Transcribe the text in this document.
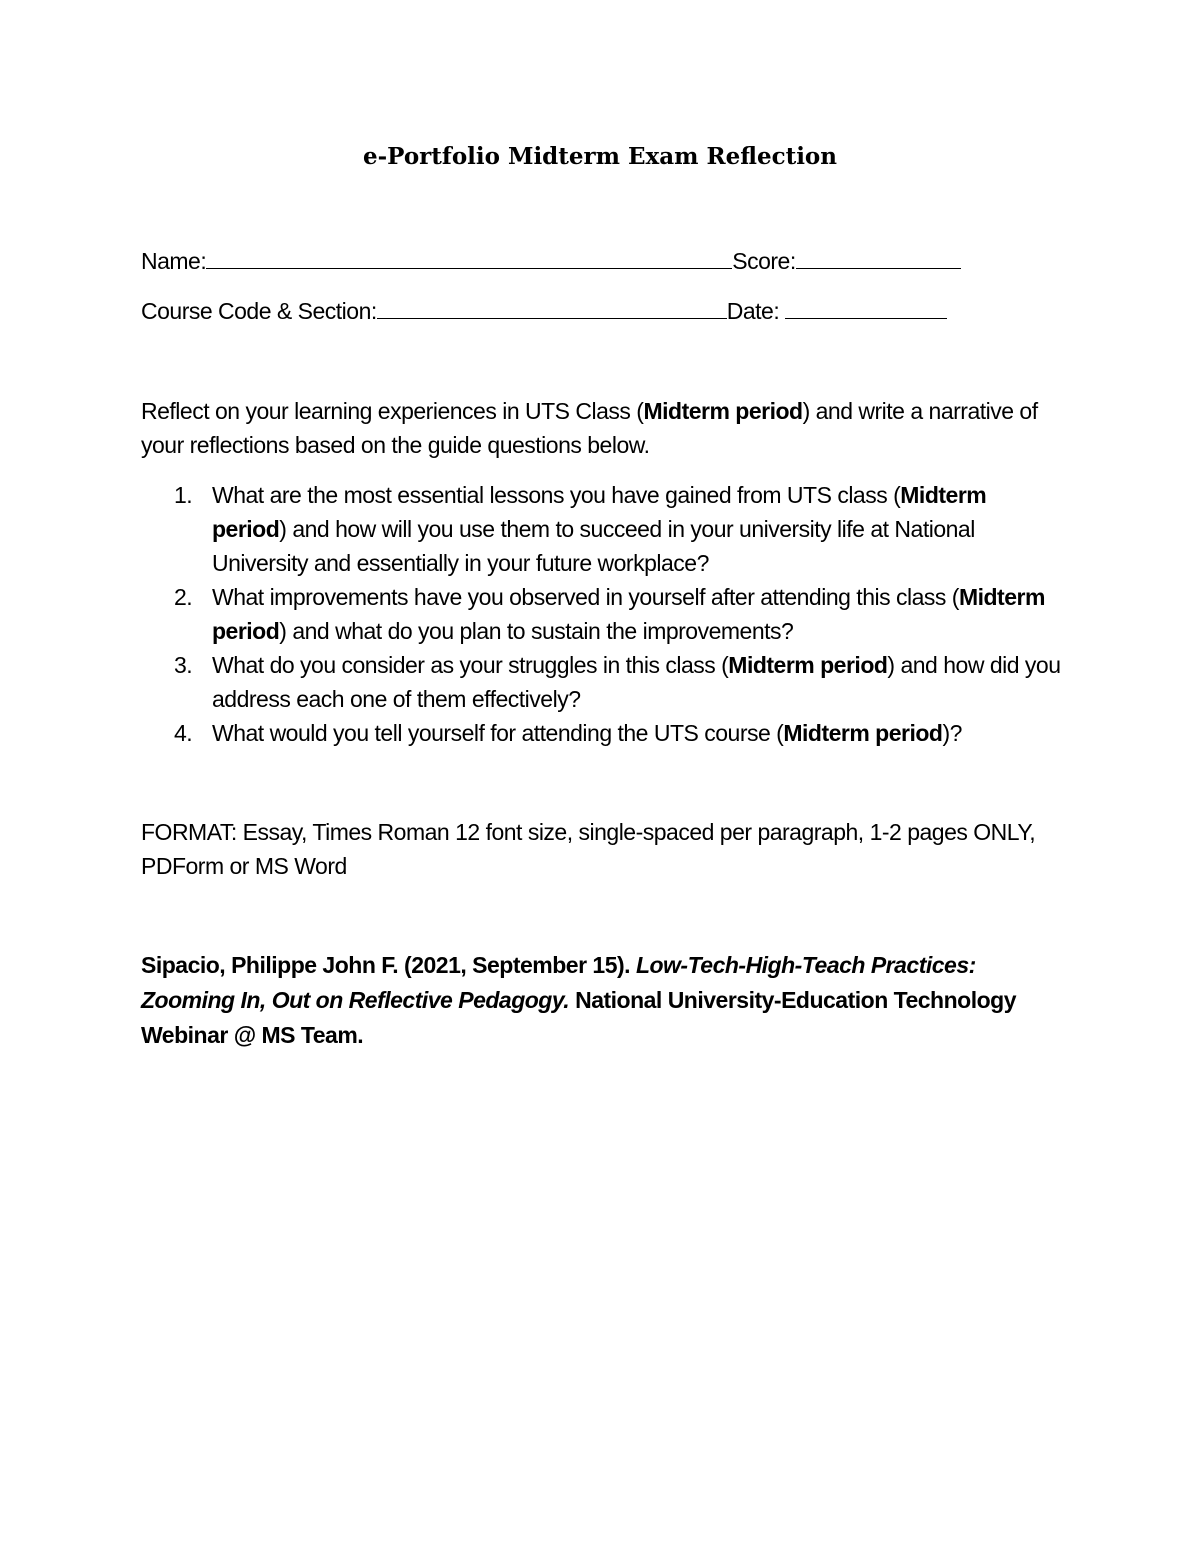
e-Portfolio Midterm Exam Reflection
Name:	Score:
Course Code & Section:	Date:
Reflect on your learning experiences in UTS Class (Midterm period) and write a narrative of your reflections based on the guide questions below.
1. What are the most essential lessons you have gained from UTS class (Midterm period) and how will you use them to succeed in your university life at National University and essentially in your future workplace?
2. What improvements have you observed in yourself after attending this class (Midterm period) and what do you plan to sustain the improvements?
3. What do you consider as your struggles in this class (Midterm period) and how did you address each one of them effectively?
4. What would you tell yourself for attending the UTS course (Midterm period)?
FORMAT: Essay, Times Roman 12 font size, single-spaced per paragraph, 1-2 pages ONLY, PDForm or MS Word
Sipacio, Philippe John F. (2021, September 15). Low-Tech-High-Teach Practices: Zooming In, Out on Reflective Pedagogy. National University-Education Technology Webinar @ MS Team.
